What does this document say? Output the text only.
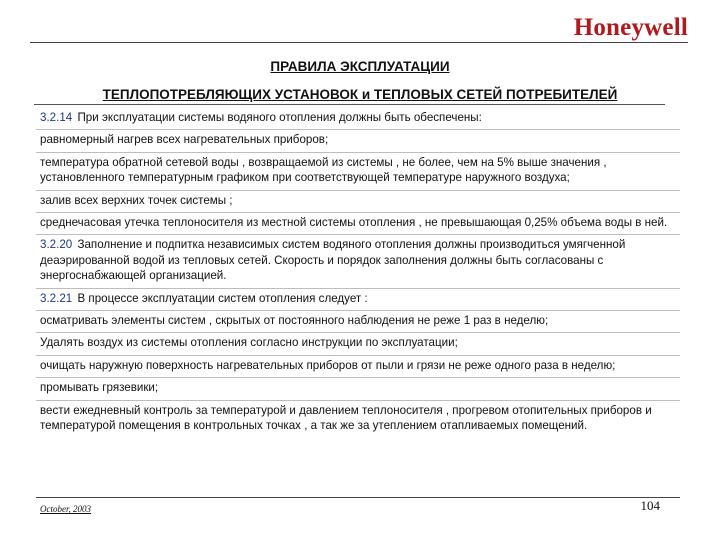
Honeywell
ПРАВИЛА ЭКСПЛУАТАЦИИ
ТЕПЛОПОТРЕБЛЯЮЩИХ УСТАНОВОК и ТЕПЛОВЫХ СЕТЕЙ ПОТРЕБИТЕЛЕЙ
3.2.14 При эксплуатации системы водяного отопления должны быть обеспечены:
равномерный нагрев всех нагревательных приборов;
температура обратной сетевой воды , возвращаемой из системы , не более, чем на 5% выше значения , установленного температурным графиком при соответствующей температуре наружного воздуха;
залив всех верхних точек системы ;
среднечасовая утечка теплоносителя из местной системы отопления , не превышающая 0,25% объема воды в ней.
3.2.20 Заполнение и подпитка независимых систем водяного отопления должны производиться умягченной деаэрированной водой из тепловых сетей. Скорость и порядок заполнения должны быть согласованы с энергоснабжающей организацией.
3.2.21 В процессе эксплуатации систем отопления следует :
осматривать элементы систем , скрытых от постоянного наблюдения не реже 1 раз в неделю;
Удалять воздух из системы отопления согласно инструкции по эксплуатации;
очищать наружную поверхность нагревательных приборов от пыли и грязи не реже одного раза в неделю;
промывать грязевики;
вести ежедневный контроль за температурой и давлением теплоносителя , прогревом отопительных приборов и температурой помещения в контрольных точках , а так же за утеплением отапливаемых помещений.
October, 2003	104
